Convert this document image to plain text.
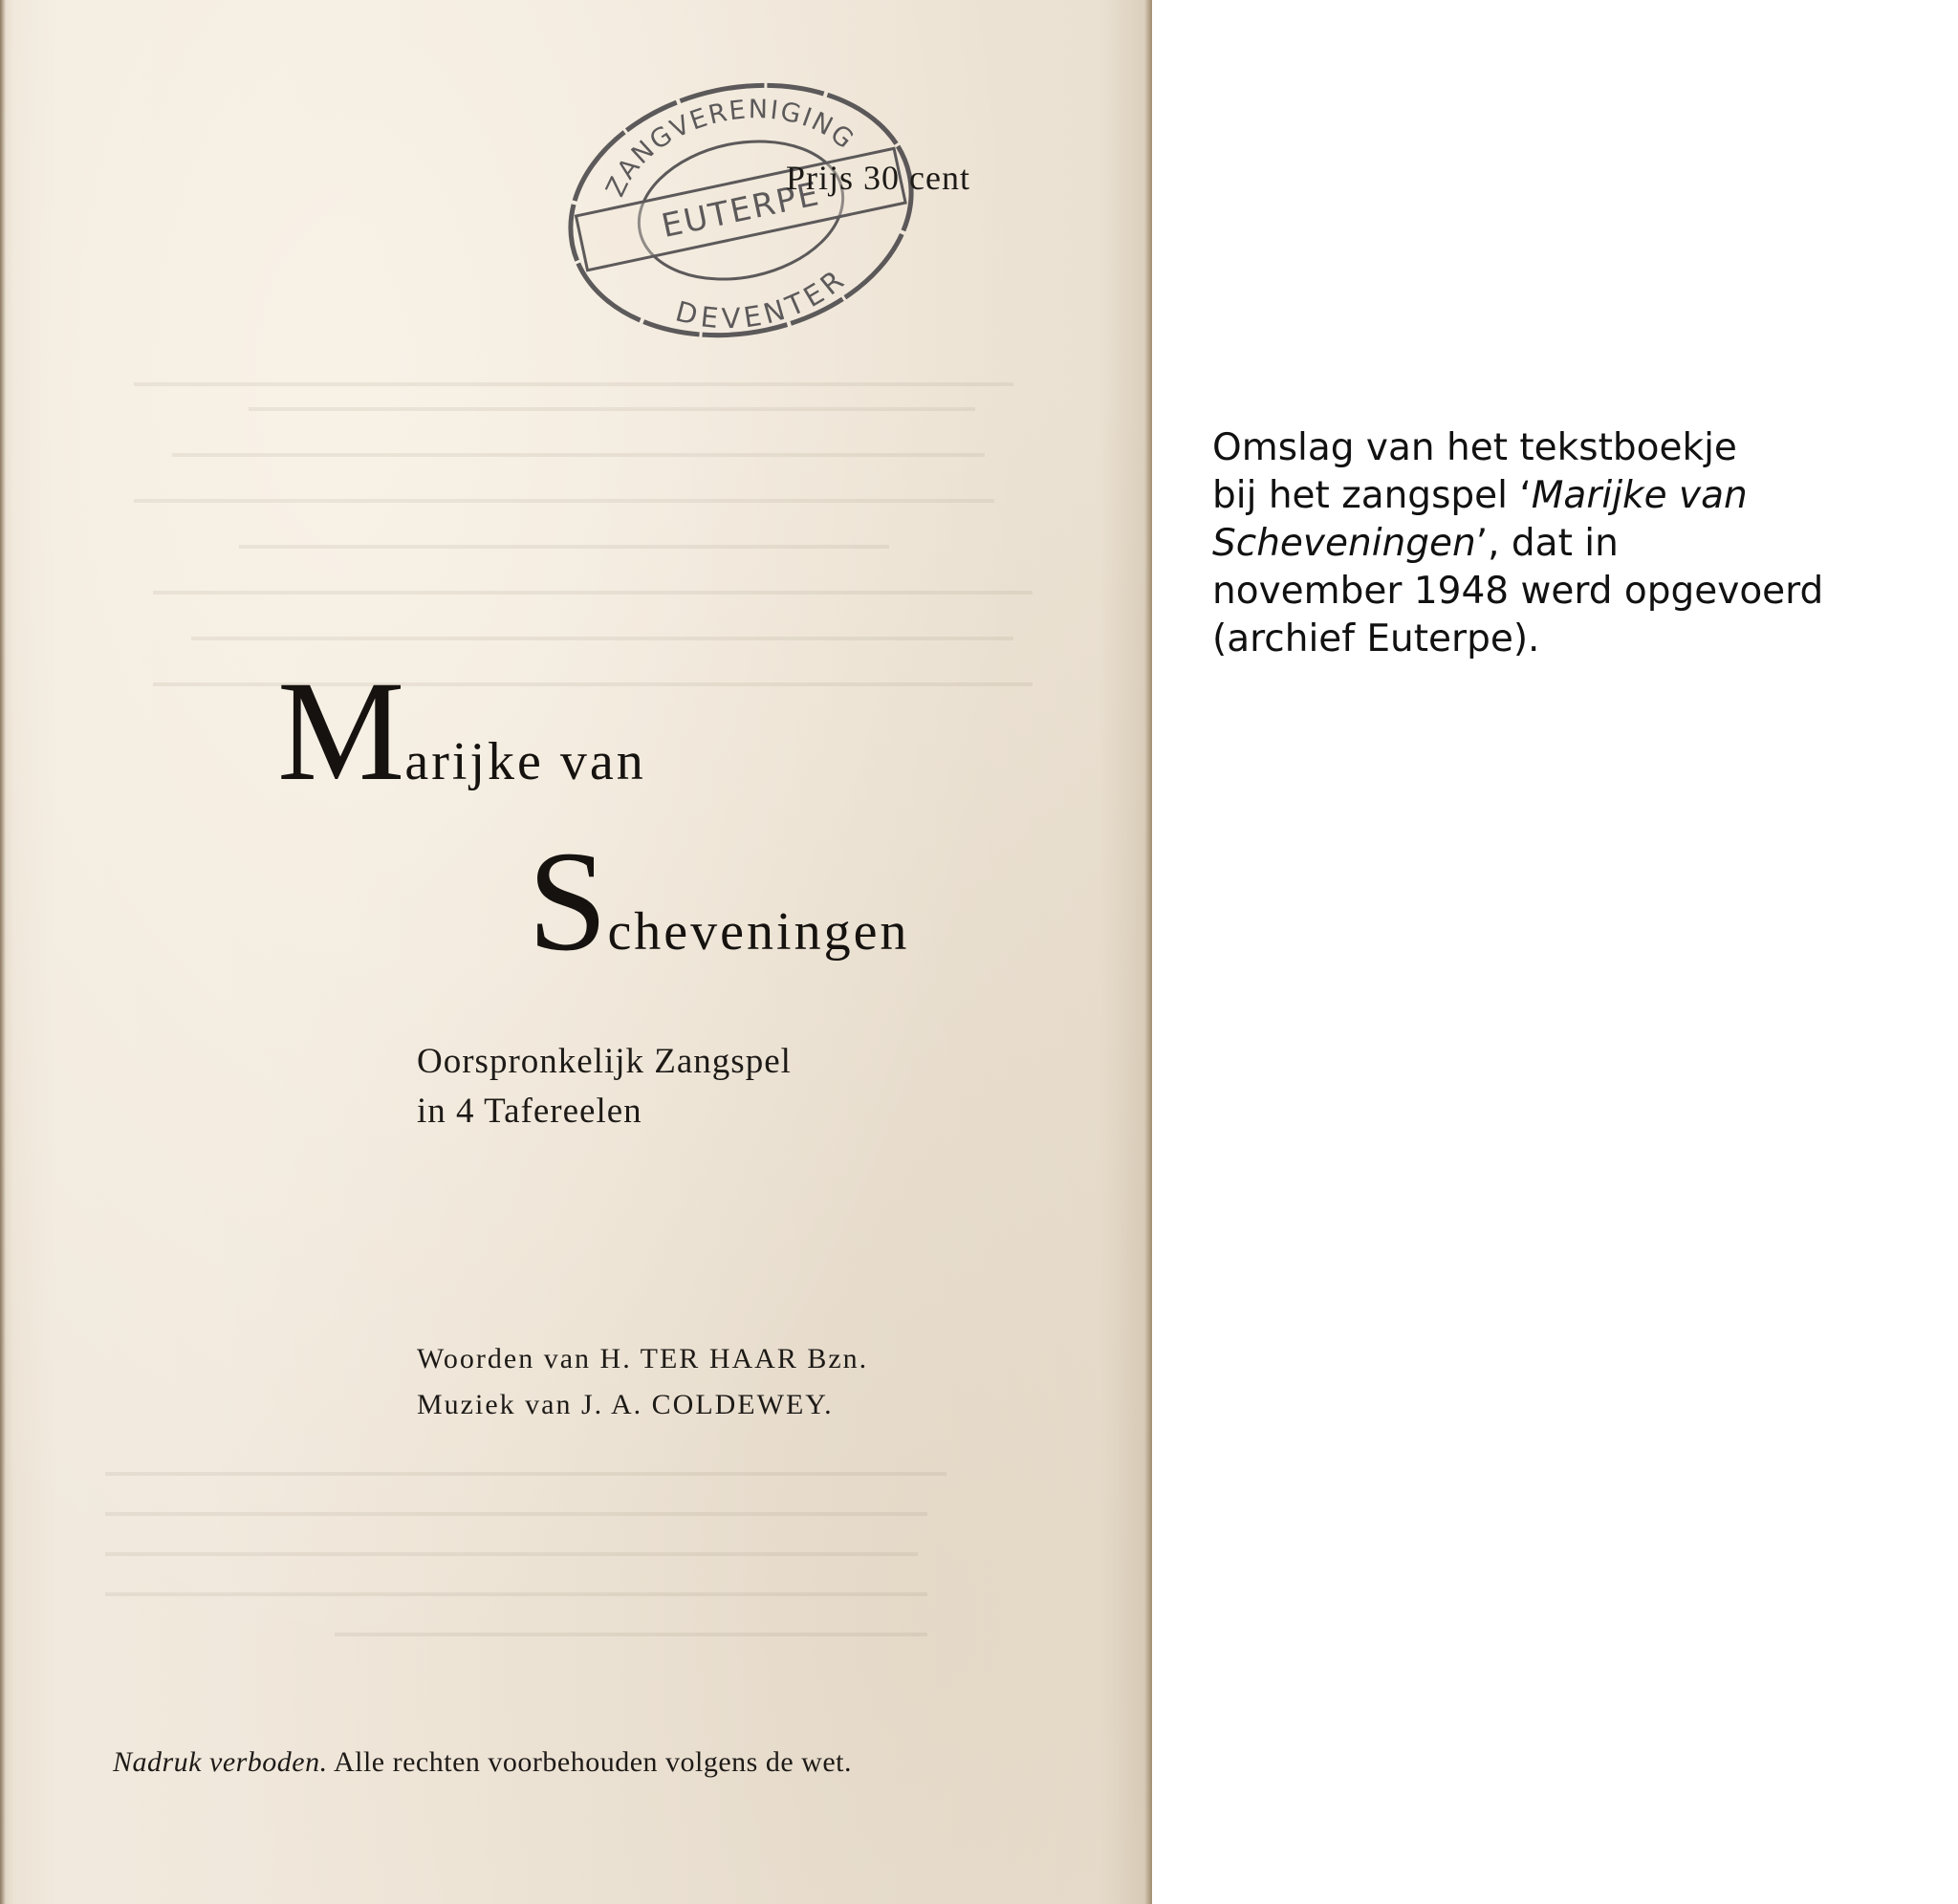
ZANGVERENIGING
EUTERPE
DEVENTER
Prijs 30 cent
Marijke van
Scheveningen
Oorspronkelijk Zangspel
in 4 Tafereelen
Woorden van H. TER HAAR Bzn.
Muziek van J. A. COLDEWEY.
Nadruk verboden. Alle rechten voorbehouden volgens de wet.
Omslag van het tekstboekje
bij het zangspel ‘Marijke van
Scheveningen’, dat in
november 1948 werd opgevoerd
(archief Euterpe).
